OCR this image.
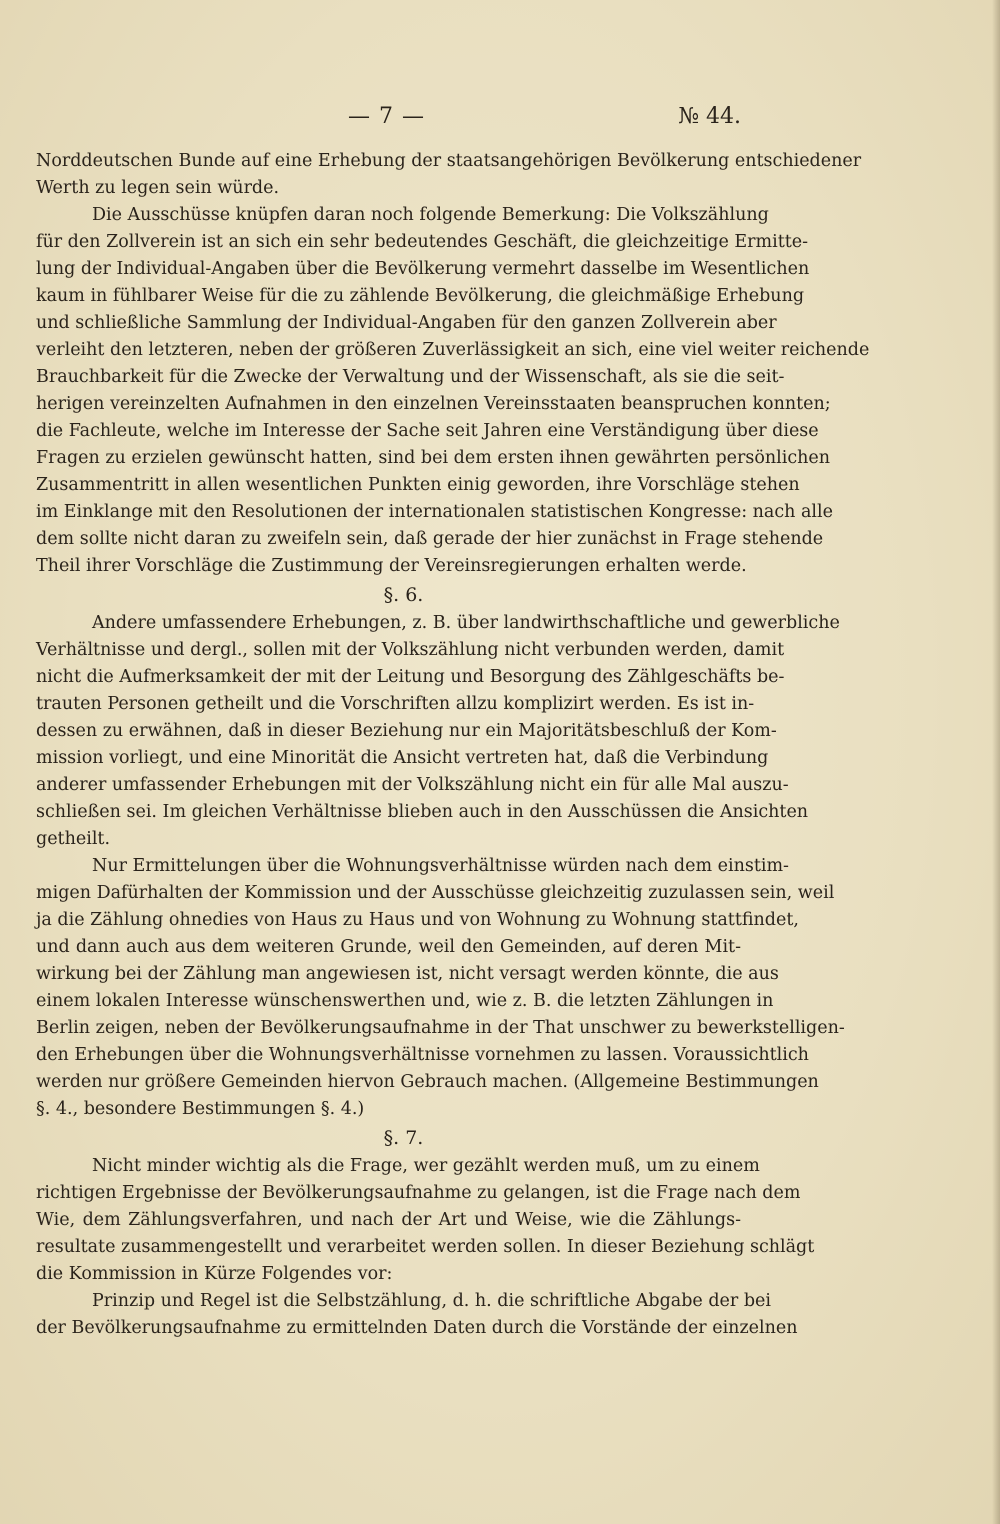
— 7 —	№ 44.
Norddeutschen Bunde auf eine Erhebung der staatsangehörigen Bevölkerung entschiedener
Werth zu legen sein würde.
Die Ausschüsse knüpfen daran noch folgende Bemerkung: Die Volkszählung
für den Zollverein ist an sich ein sehr bedeutendes Geschäft, die gleichzeitige Ermitte-
lung der Individual-Angaben über die Bevölkerung vermehrt dasselbe im Wesentlichen
kaum in fühlbarer Weise für die zu zählende Bevölkerung, die gleichmäßige Erhebung
und schließliche Sammlung der Individual-Angaben für den ganzen Zollverein aber
verleiht den letzteren, neben der größeren Zuverlässigkeit an sich, eine viel weiter reichende
Brauchbarkeit für die Zwecke der Verwaltung und der Wissenschaft, als sie die seit-
herigen vereinzelten Aufnahmen in den einzelnen Vereinsstaaten beanspruchen konnten;
die Fachleute, welche im Interesse der Sache seit Jahren eine Verständigung über diese
Fragen zu erzielen gewünscht hatten, sind bei dem ersten ihnen gewährten persönlichen
Zusammentritt in allen wesentlichen Punkten einig geworden, ihre Vorschläge stehen
im Einklange mit den Resolutionen der internationalen statistischen Kongresse: nach alle
dem sollte nicht daran zu zweifeln sein, daß gerade der hier zunächst in Frage stehende
Theil ihrer Vorschläge die Zustimmung der Vereinsregierungen erhalten werde.
§. 6.
Andere umfassendere Erhebungen, z. B. über landwirthschaftliche und gewerbliche
Verhältnisse und dergl., sollen mit der Volkszählung nicht verbunden werden, damit
nicht die Aufmerksamkeit der mit der Leitung und Besorgung des Zählgeschäfts be-
trauten Personen getheilt und die Vorschriften allzu komplizirt werden. Es ist in-
dessen zu erwähnen, daß in dieser Beziehung nur ein Majoritätsbeschluß der Kom-
mission vorliegt, und eine Minorität die Ansicht vertreten hat, daß die Verbindung
anderer umfassender Erhebungen mit der Volkszählung nicht ein für alle Mal auszu-
schließen sei. Im gleichen Verhältnisse blieben auch in den Ausschüssen die Ansichten
getheilt.
Nur Ermittelungen über die Wohnungsverhältnisse würden nach dem einstim-
migen Dafürhalten der Kommission und der Ausschüsse gleichzeitig zuzulassen sein, weil
ja die Zählung ohnedies von Haus zu Haus und von Wohnung zu Wohnung stattfindet,
und dann auch aus dem weiteren Grunde, weil den Gemeinden, auf deren Mit-
wirkung bei der Zählung man angewiesen ist, nicht versagt werden könnte, die aus
einem lokalen Interesse wünschenswerthen und, wie z. B. die letzten Zählungen in
Berlin zeigen, neben der Bevölkerungsaufnahme in der That unschwer zu bewerkstelligen-
den Erhebungen über die Wohnungsverhältnisse vornehmen zu lassen. Voraussichtlich
werden nur größere Gemeinden hiervon Gebrauch machen. (Allgemeine Bestimmungen
§. 4., besondere Bestimmungen §. 4.)
§. 7.
Nicht minder wichtig als die Frage, wer gezählt werden muß, um zu einem
richtigen Ergebnisse der Bevölkerungsaufnahme zu gelangen, ist die Frage nach dem
Wie, dem Zählungsverfahren, und nach der Art und Weise, wie die Zählungs-
resultate zusammengestellt und verarbeitet werden sollen. In dieser Beziehung schlägt
die Kommission in Kürze Folgendes vor:
Prinzip und Regel ist die Selbstzählung, d. h. die schriftliche Abgabe der bei
der Bevölkerungsaufnahme zu ermittelnden Daten durch die Vorstände der einzelnen
